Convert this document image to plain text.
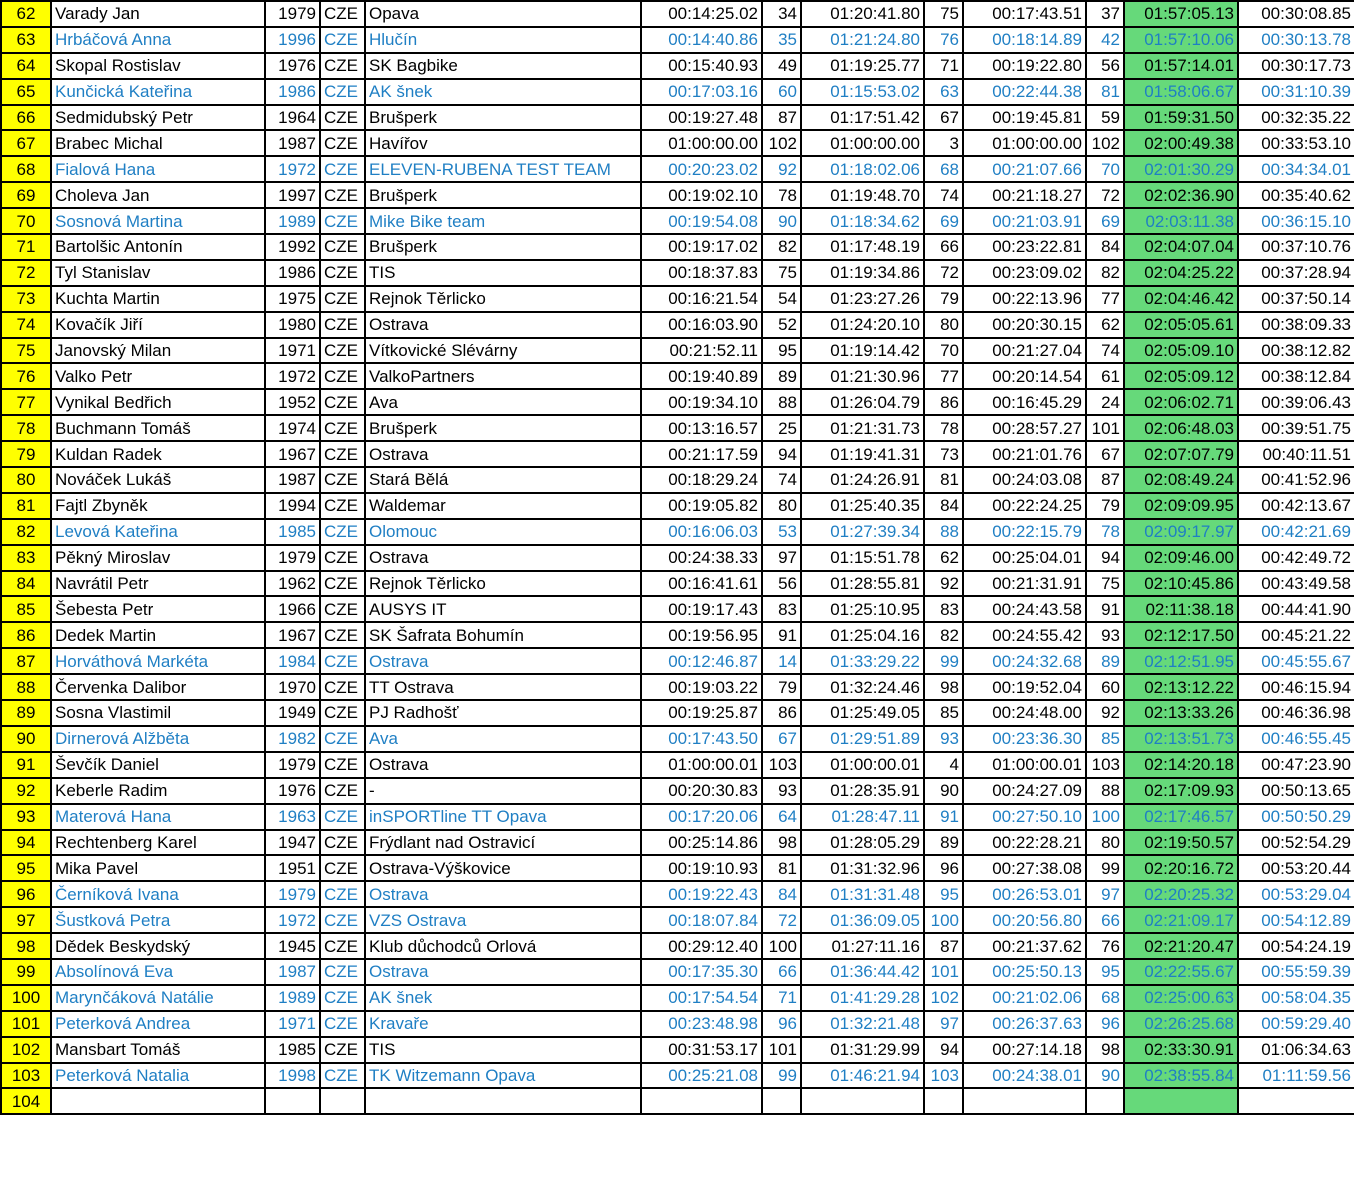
62	Varady Jan	1979	CZE	Opava	00:14:25.02	34	01:20:41.80	75	00:17:43.51	37	01:57:05.13	00:30:08.85
63	Hrbáčová Anna	1996	CZE	Hlučín	00:14:40.86	35	01:21:24.80	76	00:18:14.89	42	01:57:10.06	00:30:13.78
64	Skopal Rostislav	1976	CZE	SK Bagbike	00:15:40.93	49	01:19:25.77	71	00:19:22.80	56	01:57:14.01	00:30:17.73
65	Kunčická Kateřina	1986	CZE	AK šnek	00:17:03.16	60	01:15:53.02	63	00:22:44.38	81	01:58:06.67	00:31:10.39
66	Sedmidubský Petr	1964	CZE	Brušperk	00:19:27.48	87	01:17:51.42	67	00:19:45.81	59	01:59:31.50	00:32:35.22
67	Brabec Michal	1987	CZE	Havířov	01:00:00.00	102	01:00:00.00	3	01:00:00.00	102	02:00:49.38	00:33:53.10
68	Fialová Hana	1972	CZE	ELEVEN-RUBENA TEST TEAM	00:20:23.02	92	01:18:02.06	68	00:21:07.66	70	02:01:30.29	00:34:34.01
69	Choleva Jan	1997	CZE	Brušperk	00:19:02.10	78	01:19:48.70	74	00:21:18.27	72	02:02:36.90	00:35:40.62
70	Sosnová Martina	1989	CZE	Mike Bike team	00:19:54.08	90	01:18:34.62	69	00:21:03.91	69	02:03:11.38	00:36:15.10
71	Bartolšic Antonín	1992	CZE	Brušperk	00:19:17.02	82	01:17:48.19	66	00:23:22.81	84	02:04:07.04	00:37:10.76
72	Tyl Stanislav	1986	CZE	TIS	00:18:37.83	75	01:19:34.86	72	00:23:09.02	82	02:04:25.22	00:37:28.94
73	Kuchta Martin	1975	CZE	Rejnok Těrlicko	00:16:21.54	54	01:23:27.26	79	00:22:13.96	77	02:04:46.42	00:37:50.14
74	Kovačík Jiří	1980	CZE	Ostrava	00:16:03.90	52	01:24:20.10	80	00:20:30.15	62	02:05:05.61	00:38:09.33
75	Janovský Milan	1971	CZE	Vítkovické Slévárny	00:21:52.11	95	01:19:14.42	70	00:21:27.04	74	02:05:09.10	00:38:12.82
76	Valko Petr	1972	CZE	ValkoPartners	00:19:40.89	89	01:21:30.96	77	00:20:14.54	61	02:05:09.12	00:38:12.84
77	Vynikal Bedřich	1952	CZE	Ava	00:19:34.10	88	01:26:04.79	86	00:16:45.29	24	02:06:02.71	00:39:06.43
78	Buchmann Tomáš	1974	CZE	Brušperk	00:13:16.57	25	01:21:31.73	78	00:28:57.27	101	02:06:48.03	00:39:51.75
79	Kuldan Radek	1967	CZE	Ostrava	00:21:17.59	94	01:19:41.31	73	00:21:01.76	67	02:07:07.79	00:40:11.51
80	Nováček Lukáš	1987	CZE	Stará Bělá	00:18:29.24	74	01:24:26.91	81	00:24:03.08	87	02:08:49.24	00:41:52.96
81	Fajtl Zbyněk	1994	CZE	Waldemar	00:19:05.82	80	01:25:40.35	84	00:22:24.25	79	02:09:09.95	00:42:13.67
82	Levová Kateřina	1985	CZE	Olomouc	00:16:06.03	53	01:27:39.34	88	00:22:15.79	78	02:09:17.97	00:42:21.69
83	Pěkný Miroslav	1979	CZE	Ostrava	00:24:38.33	97	01:15:51.78	62	00:25:04.01	94	02:09:46.00	00:42:49.72
84	Navrátil Petr	1962	CZE	Rejnok Těrlicko	00:16:41.61	56	01:28:55.81	92	00:21:31.91	75	02:10:45.86	00:43:49.58
85	Šebesta Petr	1966	CZE	AUSYS IT	00:19:17.43	83	01:25:10.95	83	00:24:43.58	91	02:11:38.18	00:44:41.90
86	Dedek Martin	1967	CZE	SK Šafrata Bohumín	00:19:56.95	91	01:25:04.16	82	00:24:55.42	93	02:12:17.50	00:45:21.22
87	Horváthová Markéta	1984	CZE	Ostrava	00:12:46.87	14	01:33:29.22	99	00:24:32.68	89	02:12:51.95	00:45:55.67
88	Červenka Dalibor	1970	CZE	TT Ostrava	00:19:03.22	79	01:32:24.46	98	00:19:52.04	60	02:13:12.22	00:46:15.94
89	Sosna Vlastimil	1949	CZE	PJ Radhošť	00:19:25.87	86	01:25:49.05	85	00:24:48.00	92	02:13:33.26	00:46:36.98
90	Dirnerová Alžběta	1982	CZE	Ava	00:17:43.50	67	01:29:51.89	93	00:23:36.30	85	02:13:51.73	00:46:55.45
91	Ševčík Daniel	1979	CZE	Ostrava	01:00:00.01	103	01:00:00.01	4	01:00:00.01	103	02:14:20.18	00:47:23.90
92	Keberle Radim	1976	CZE	-	00:20:30.83	93	01:28:35.91	90	00:24:27.09	88	02:17:09.93	00:50:13.65
93	Materová Hana	1963	CZE	inSPORTline TT Opava	00:17:20.06	64	01:28:47.11	91	00:27:50.10	100	02:17:46.57	00:50:50.29
94	Rechtenberg Karel	1947	CZE	Frýdlant nad Ostravicí	00:25:14.86	98	01:28:05.29	89	00:22:28.21	80	02:19:50.57	00:52:54.29
95	Mika Pavel	1951	CZE	Ostrava-Výškovice	00:19:10.93	81	01:31:32.96	96	00:27:38.08	99	02:20:16.72	00:53:20.44
96	Černíková Ivana	1979	CZE	Ostrava	00:19:22.43	84	01:31:31.48	95	00:26:53.01	97	02:20:25.32	00:53:29.04
97	Šustková Petra	1972	CZE	VZS Ostrava	00:18:07.84	72	01:36:09.05	100	00:20:56.80	66	02:21:09.17	00:54:12.89
98	Dědek Beskydský	1945	CZE	Klub důchodců Orlová	00:29:12.40	100	01:27:11.16	87	00:21:37.62	76	02:21:20.47	00:54:24.19
99	Absolínová Eva	1987	CZE	Ostrava	00:17:35.30	66	01:36:44.42	101	00:25:50.13	95	02:22:55.67	00:55:59.39
100	Marynčáková Natálie	1989	CZE	AK šnek	00:17:54.54	71	01:41:29.28	102	00:21:02.06	68	02:25:00.63	00:58:04.35
101	Peterková Andrea	1971	CZE	Kravaře	00:23:48.98	96	01:32:21.48	97	00:26:37.63	96	02:26:25.68	00:59:29.40
102	Mansbart Tomáš	1985	CZE	TIS	00:31:53.17	101	01:31:29.99	94	00:27:14.18	98	02:33:30.91	01:06:34.63
103	Peterková Natalia	1998	CZE	TK Witzemann Opava	00:25:21.08	99	01:46:21.94	103	00:24:38.01	90	02:38:55.84	01:11:59.56
104												
